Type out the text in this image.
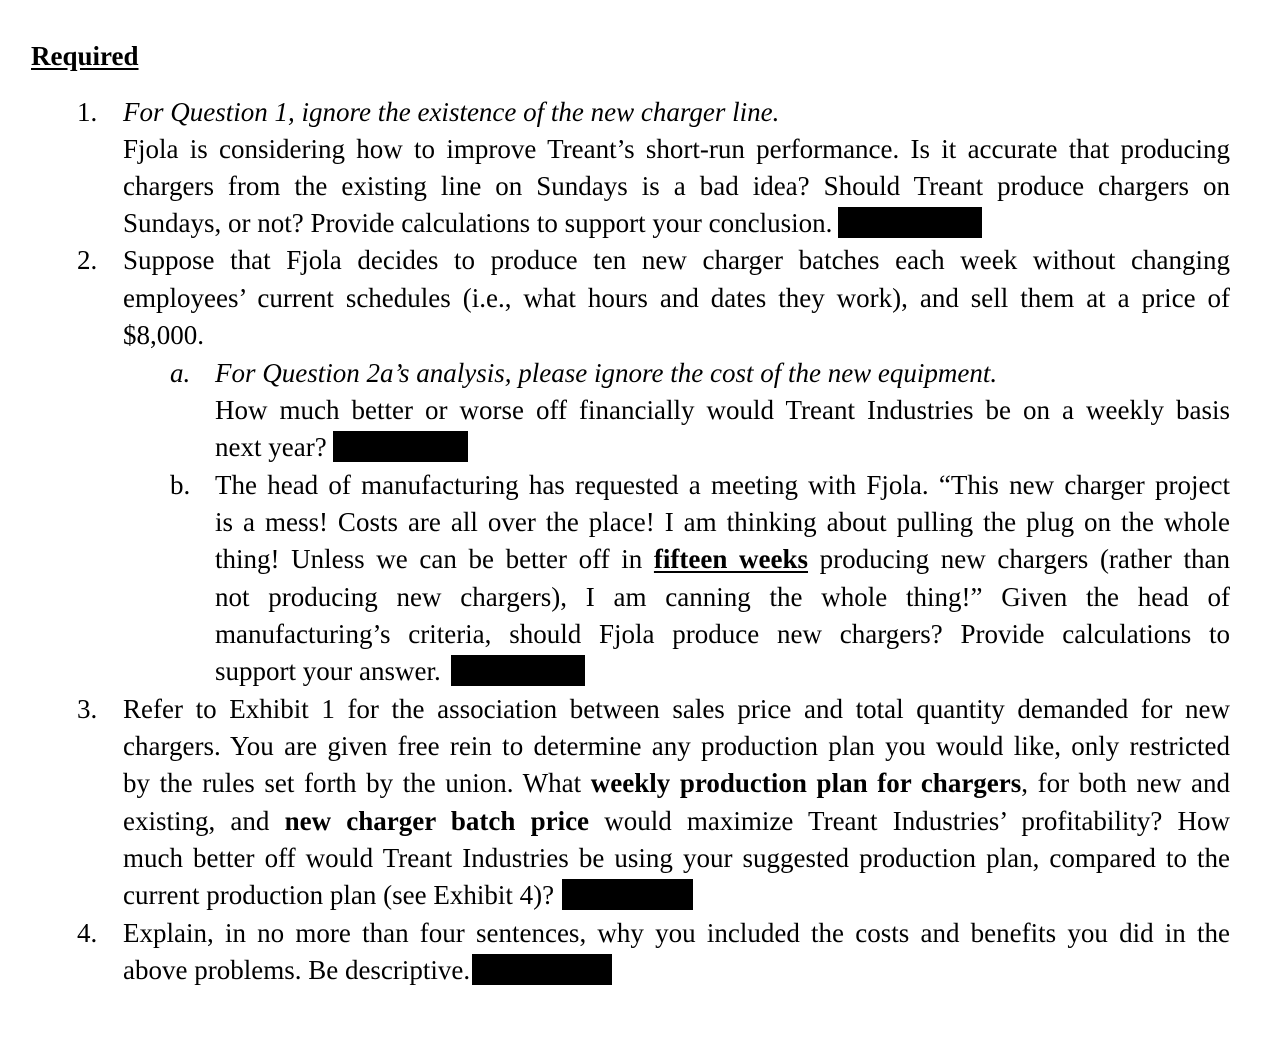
Required
1. For Question 1, ignore the existence of the new charger line.
Fjola is considering how to improve Treant’s short-run performance. Is it accurate that producing
chargers from the existing line on Sundays is a bad idea? Should Treant produce chargers on
Sundays, or not? Provide calculations to support your conclusion.
2. Suppose that Fjola decides to produce ten new charger batches each week without changing
employees’ current schedules (i.e., what hours and dates they work), and sell them at a price of
$8,000.
a. For Question 2a’s analysis, please ignore the cost of the new equipment.
How much better or worse off financially would Treant Industries be on a weekly basis
next year?
b. The head of manufacturing has requested a meeting with Fjola. “This new charger project
is a mess! Costs are all over the place! I am thinking about pulling the plug on the whole
thing! Unless we can be better off in fifteen weeks producing new chargers (rather than
not producing new chargers), I am canning the whole thing!” Given the head of
manufacturing’s criteria, should Fjola produce new chargers? Provide calculations to
support your answer.
3. Refer to Exhibit 1 for the association between sales price and total quantity demanded for new
chargers. You are given free rein to determine any production plan you would like, only restricted
by the rules set forth by the union. What weekly production plan for chargers, for both new and
existing, and new charger batch price would maximize Treant Industries’ profitability? How
much better off would Treant Industries be using your suggested production plan, compared to the
current production plan (see Exhibit 4)?
4. Explain, in no more than four sentences, why you included the costs and benefits you did in the
above problems. Be descriptive.
